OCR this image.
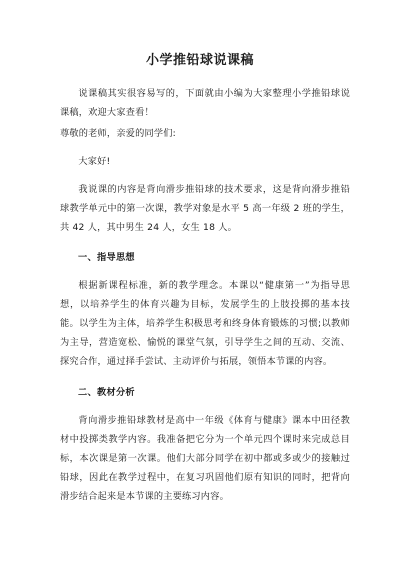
小学推铅球说课稿

说课稿其实很容易写的，下面就由小编为大家整理小学推铅球说课稿，欢迎大家查看！

尊敬的老师，亲爱的同学们:

大家好!

我说课的内容是背向滑步推铅球的技术要求，这是背向滑步推铅球教学单元中的第一次课，教学对象是水平 5 高一年级 2 班的学生，共 42 人，其中男生 24 人，女生 18 人。

一、指导思想

根据新课程标准，新的教学理念。本课以“健康第一”为指导思想，以培养学生的体育兴趣为目标，发展学生的上肢投掷的基本技能。以学生为主体，培养学生积极思考和终身体育锻炼的习惯;以教师为主导，营造宽松、愉悦的课堂气氛，引导学生之间的互动、交流、探究合作，通过择手尝试、主动评价与拓展，领悟本节课的内容。

二、教材分析

背向滑步推铅球教材是高中一年级《体育与健康》课本中田径教材中投掷类教学内容。我准备把它分为一个单元四个课时来完成总目标，本次课是第一次课。他们大部分同学在初中都或多或少的接触过铅球，因此在教学过程中，在复习巩固他们原有知识的同时，把背向滑步结合起来是本节课的主要练习内容。
